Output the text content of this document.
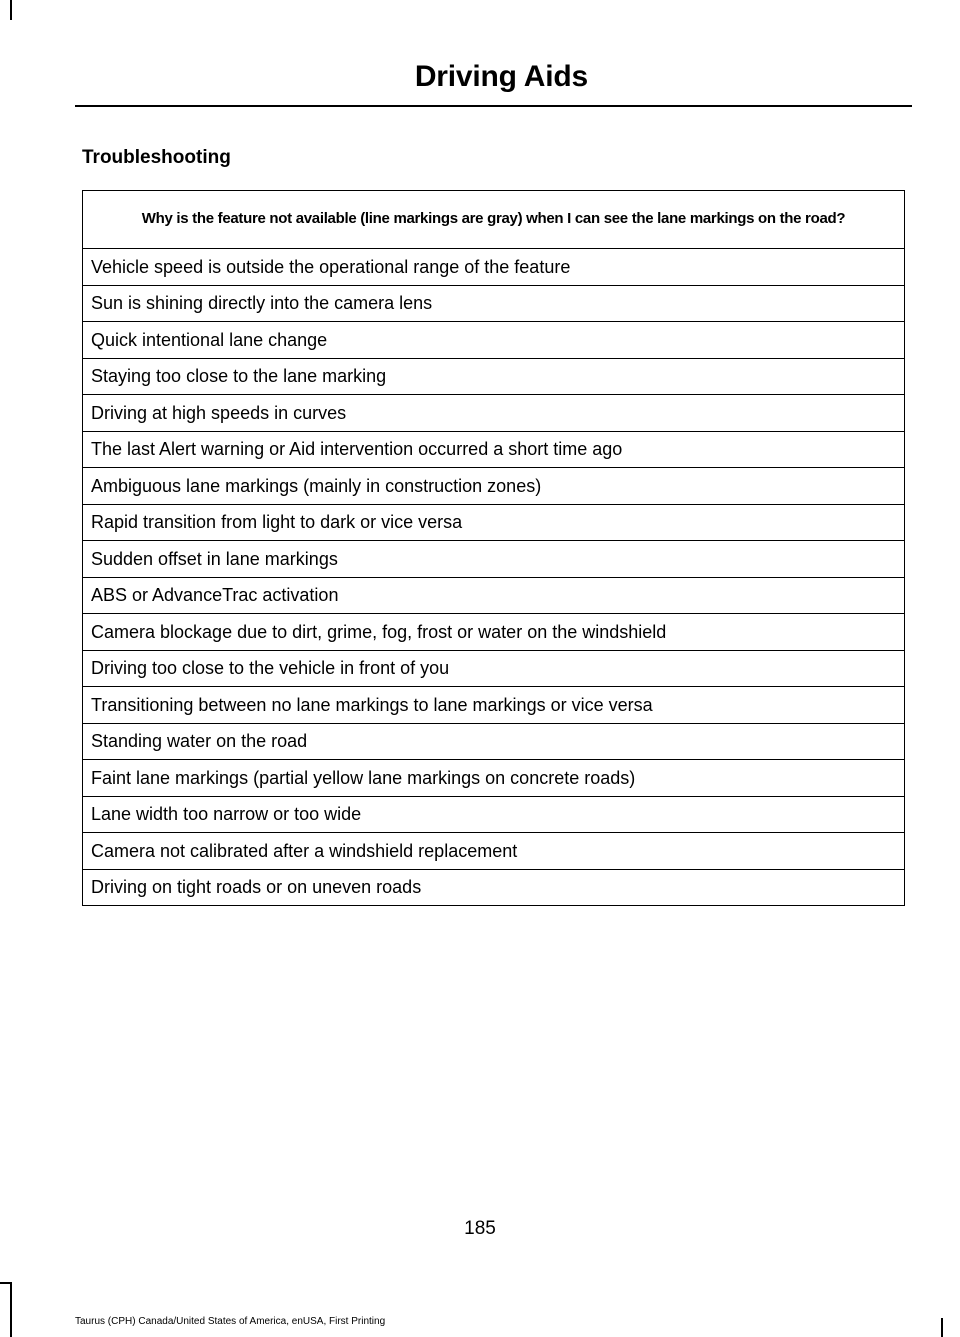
Driving Aids
Troubleshooting
Why is the feature not available (line markings are gray) when I can see the lane markings on the road?
Vehicle speed is outside the operational range of the feature
Sun is shining directly into the camera lens
Quick intentional lane change
Staying too close to the lane marking
Driving at high speeds in curves
The last Alert warning or Aid intervention occurred a short time ago
Ambiguous lane markings (mainly in construction zones)
Rapid transition from light to dark or vice versa
Sudden offset in lane markings
ABS or AdvanceTrac activation
Camera blockage due to dirt, grime, fog, frost or water on the windshield
Driving too close to the vehicle in front of you
Transitioning between no lane markings to lane markings or vice versa
Standing water on the road
Faint lane markings (partial yellow lane markings on concrete roads)
Lane width too narrow or too wide
Camera not calibrated after a windshield replacement
Driving on tight roads or on uneven roads
185
Taurus (CPH) Canada/United States of America, enUSA, First Printing
